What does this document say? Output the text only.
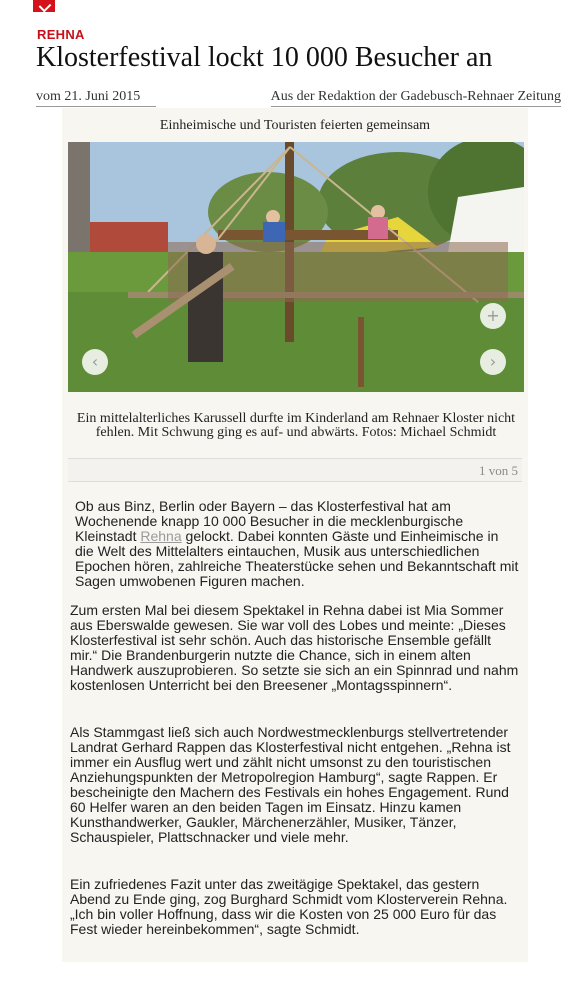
REHNA
Klosterfestival lockt 10 000 Besucher an
vom 21. Juni 2015	Aus der Redaktion der Gadebusch-Rehnaer Zeitung
Einheimische und Touristen feierten gemeinsam
‹	›
+
Ein mittelalterliches Karussell durfte im Kinderland am Rehnaer Kloster nicht fehlen. Mit Schwung ging es auf- und abwärts. Fotos: Michael Schmidt
1 von 5

Ob aus Binz, Berlin oder Bayern – das Klosterfestival hat am Wochenende knapp 10 000 Besucher in die mecklenburgische Kleinstadt Rehna gelockt. Dabei konnten Gäste und Einheimische in die Welt des Mittelalters eintauchen, Musik aus unterschiedlichen Epochen hören, zahlreiche Theaterstücke sehen und Bekanntschaft mit Sagen umwobenen Figuren machen.

Zum ersten Mal bei diesem Spektakel in Rehna dabei ist Mia Sommer aus Eberswalde gewesen. Sie war voll des Lobes und meinte: „Dieses Klosterfestival ist sehr schön. Auch das historische Ensemble gefällt mir.“ Die Brandenburgerin nutzte die Chance, sich in einem alten Handwerk auszuprobieren. So setzte sie sich an ein Spinnrad und nahm kostenlosen Unterricht bei den Breesener „Montagsspinnern“.

Als Stammgast ließ sich auch Nordwestmecklenburgs stellvertretender Landrat Gerhard Rappen das Klosterfestival nicht entgehen. „Rehna ist immer ein Ausflug wert und zählt nicht umsonst zu den touristischen Anziehungspunkten der Metropolregion Hamburg“, sagte Rappen. Er bescheinigte den Machern des Festivals ein hohes Engagement. Rund 60 Helfer waren an den beiden Tagen im Einsatz. Hinzu kamen Kunsthandwerker, Gaukler, Märchenerzähler, Musiker, Tänzer, Schauspieler, Plattschnacker und viele mehr.

Ein zufriedenes Fazit unter das zweitägige Spektakel, das gestern Abend zu Ende ging, zog Burghard Schmidt vom Klosterverein Rehna. „Ich bin voller Hoffnung, dass wir die Kosten von 25 000 Euro für das Fest wieder hereinbekommen“, sagte Schmidt.
